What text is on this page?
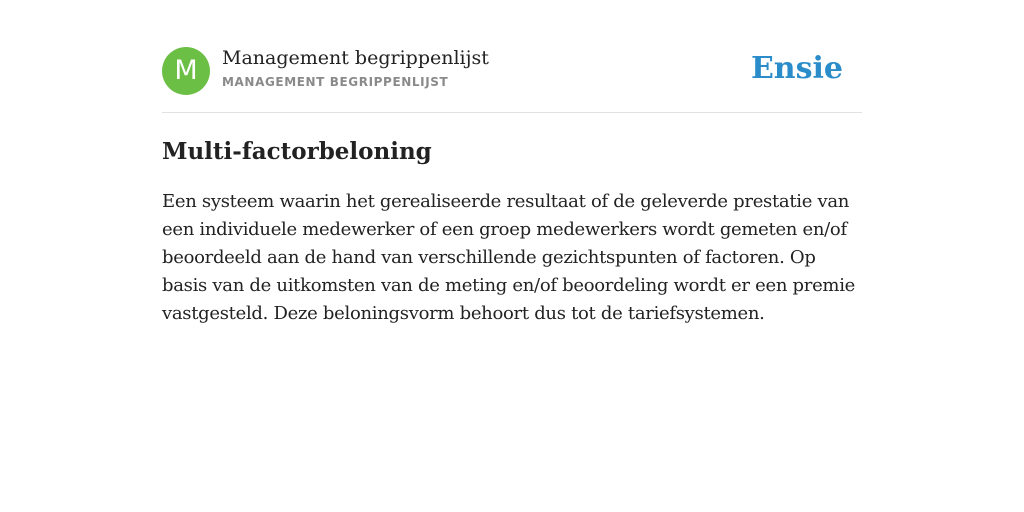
M	Management begrippenlijst
MANAGEMENT BEGRIPPENLIJST	Ensie
Multi-factorbeloning

Een systeem waarin het gerealiseerde resultaat of de geleverde prestatie van een individuele medewerker of een groep medewerkers wordt gemeten en/of beoordeeld aan de hand van verschillende gezichtspunten of factoren. Op basis van de uitkomsten van de meting en/of beoordeling wordt er een premie vastgesteld. Deze beloningsvorm behoort dus tot de tariefsystemen.
